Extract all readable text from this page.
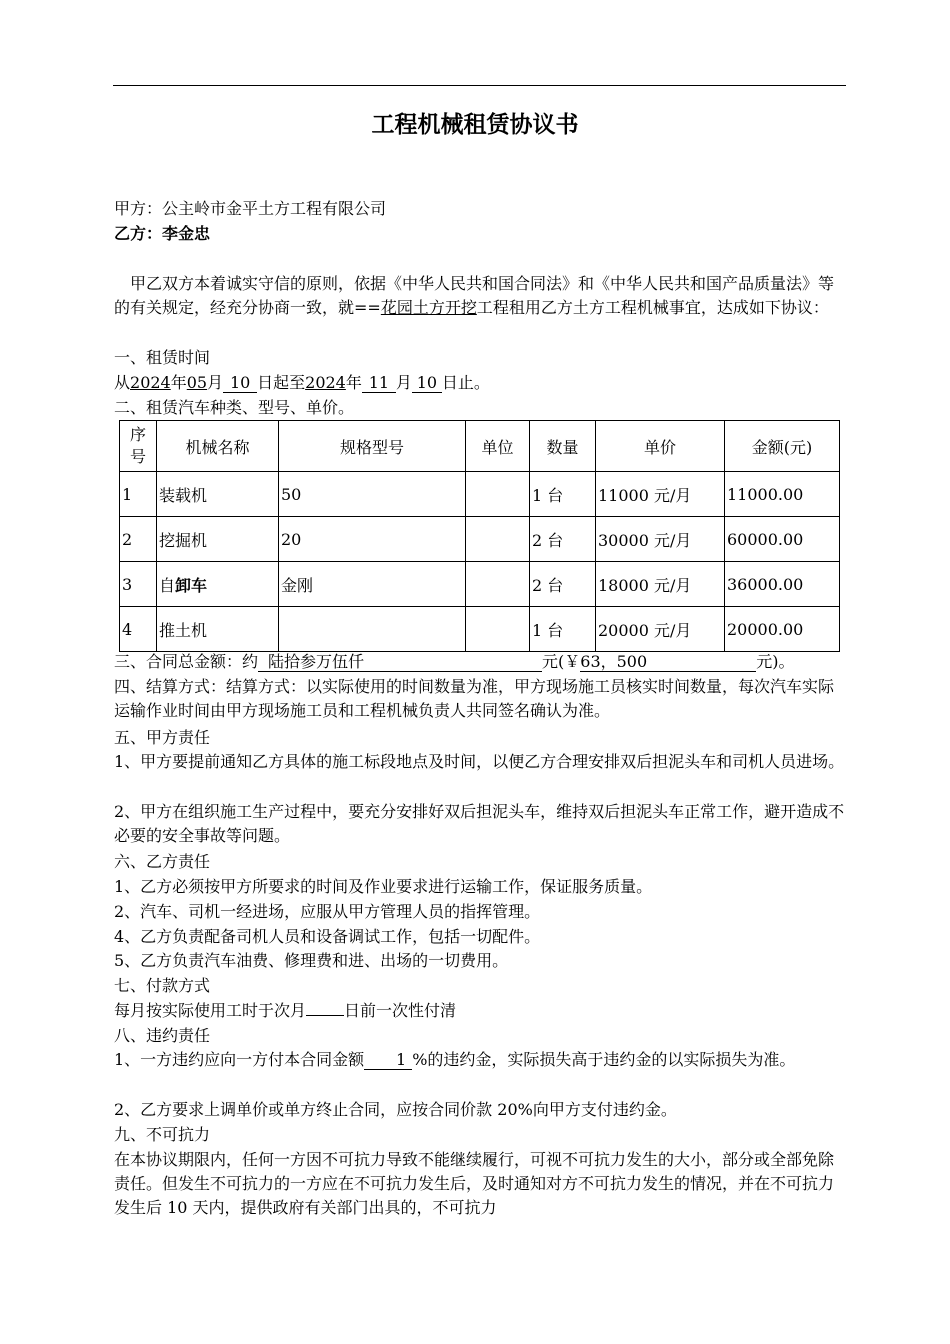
工程机械租赁协议书
甲方：公主岭市金平土方工程有限公司
乙方：李金忠
甲乙双方本着诚实守信的原则，依据《中华人民共和国合同法》和《中华人民共和国产品质量法》等的有关规定，经充分协商一致，就==花园土方开挖工程租用乙方土方工程机械事宜，达成如下协议：
一、租赁时间
从2024年05月 10 日起至2024年 11 月 10 日止。
二、租赁汽车种类、型号、单价。
序号	机械名称	规格型号	单位	数量	单价	金额(元)
1	装载机	50		1 台	11000 元/月	11000.00
2	挖掘机	20		2 台	30000 元/月	60000.00
3	自卸车	金刚		2 台	18000 元/月	36000.00
4	推土机			1 台	20000 元/月	20000.00
三、合同总金额：约 陆拾参万伍仟	元(￥63，500	元)。
四、结算方式：结算方式：以实际使用的时间数量为准，甲方现场施工员核实时间数量，每次汽车实际运输作业时间由甲方现场施工员和工程机械负责人共同签名确认为准。
五、甲方责任
1、甲方要提前通知乙方具体的施工标段地点及时间，以便乙方合理安排双后担泥头车和司机人员进场。
2、甲方在组织施工生产过程中，要充分安排好双后担泥头车，维持双后担泥头车正常工作，避开造成不必要的安全事故等问题。
六、乙方责任
1、乙方必须按甲方所要求的时间及作业要求进行运输工作，保证服务质量。
2、汽车、司机一经进场，应服从甲方管理人员的指挥管理。
4、乙方负责配备司机人员和设备调试工作，包括一切配件。
5、乙方负责汽车油费、修理费和进、出场的一切费用。
七、付款方式
每月按实际使用工时于次月 日前一次性付清
八、违约责任
1、一方违约应向一方付本合同金额 1 %的违约金，实际损失高于违约金的以实际损失为准。
2、乙方要求上调单价或单方终止合同，应按合同价款 20%向甲方支付违约金。
九、不可抗力
在本协议期限内，任何一方因不可抗力导致不能继续履行，可视不可抗力发生的大小，部分或全部免除责任。但发生不可抗力的一方应在不可抗力发生后，及时通知对方不可抗力发生的情况，并在不可抗力发生后 10 天内，提供政府有关部门出具的，不可抗力
